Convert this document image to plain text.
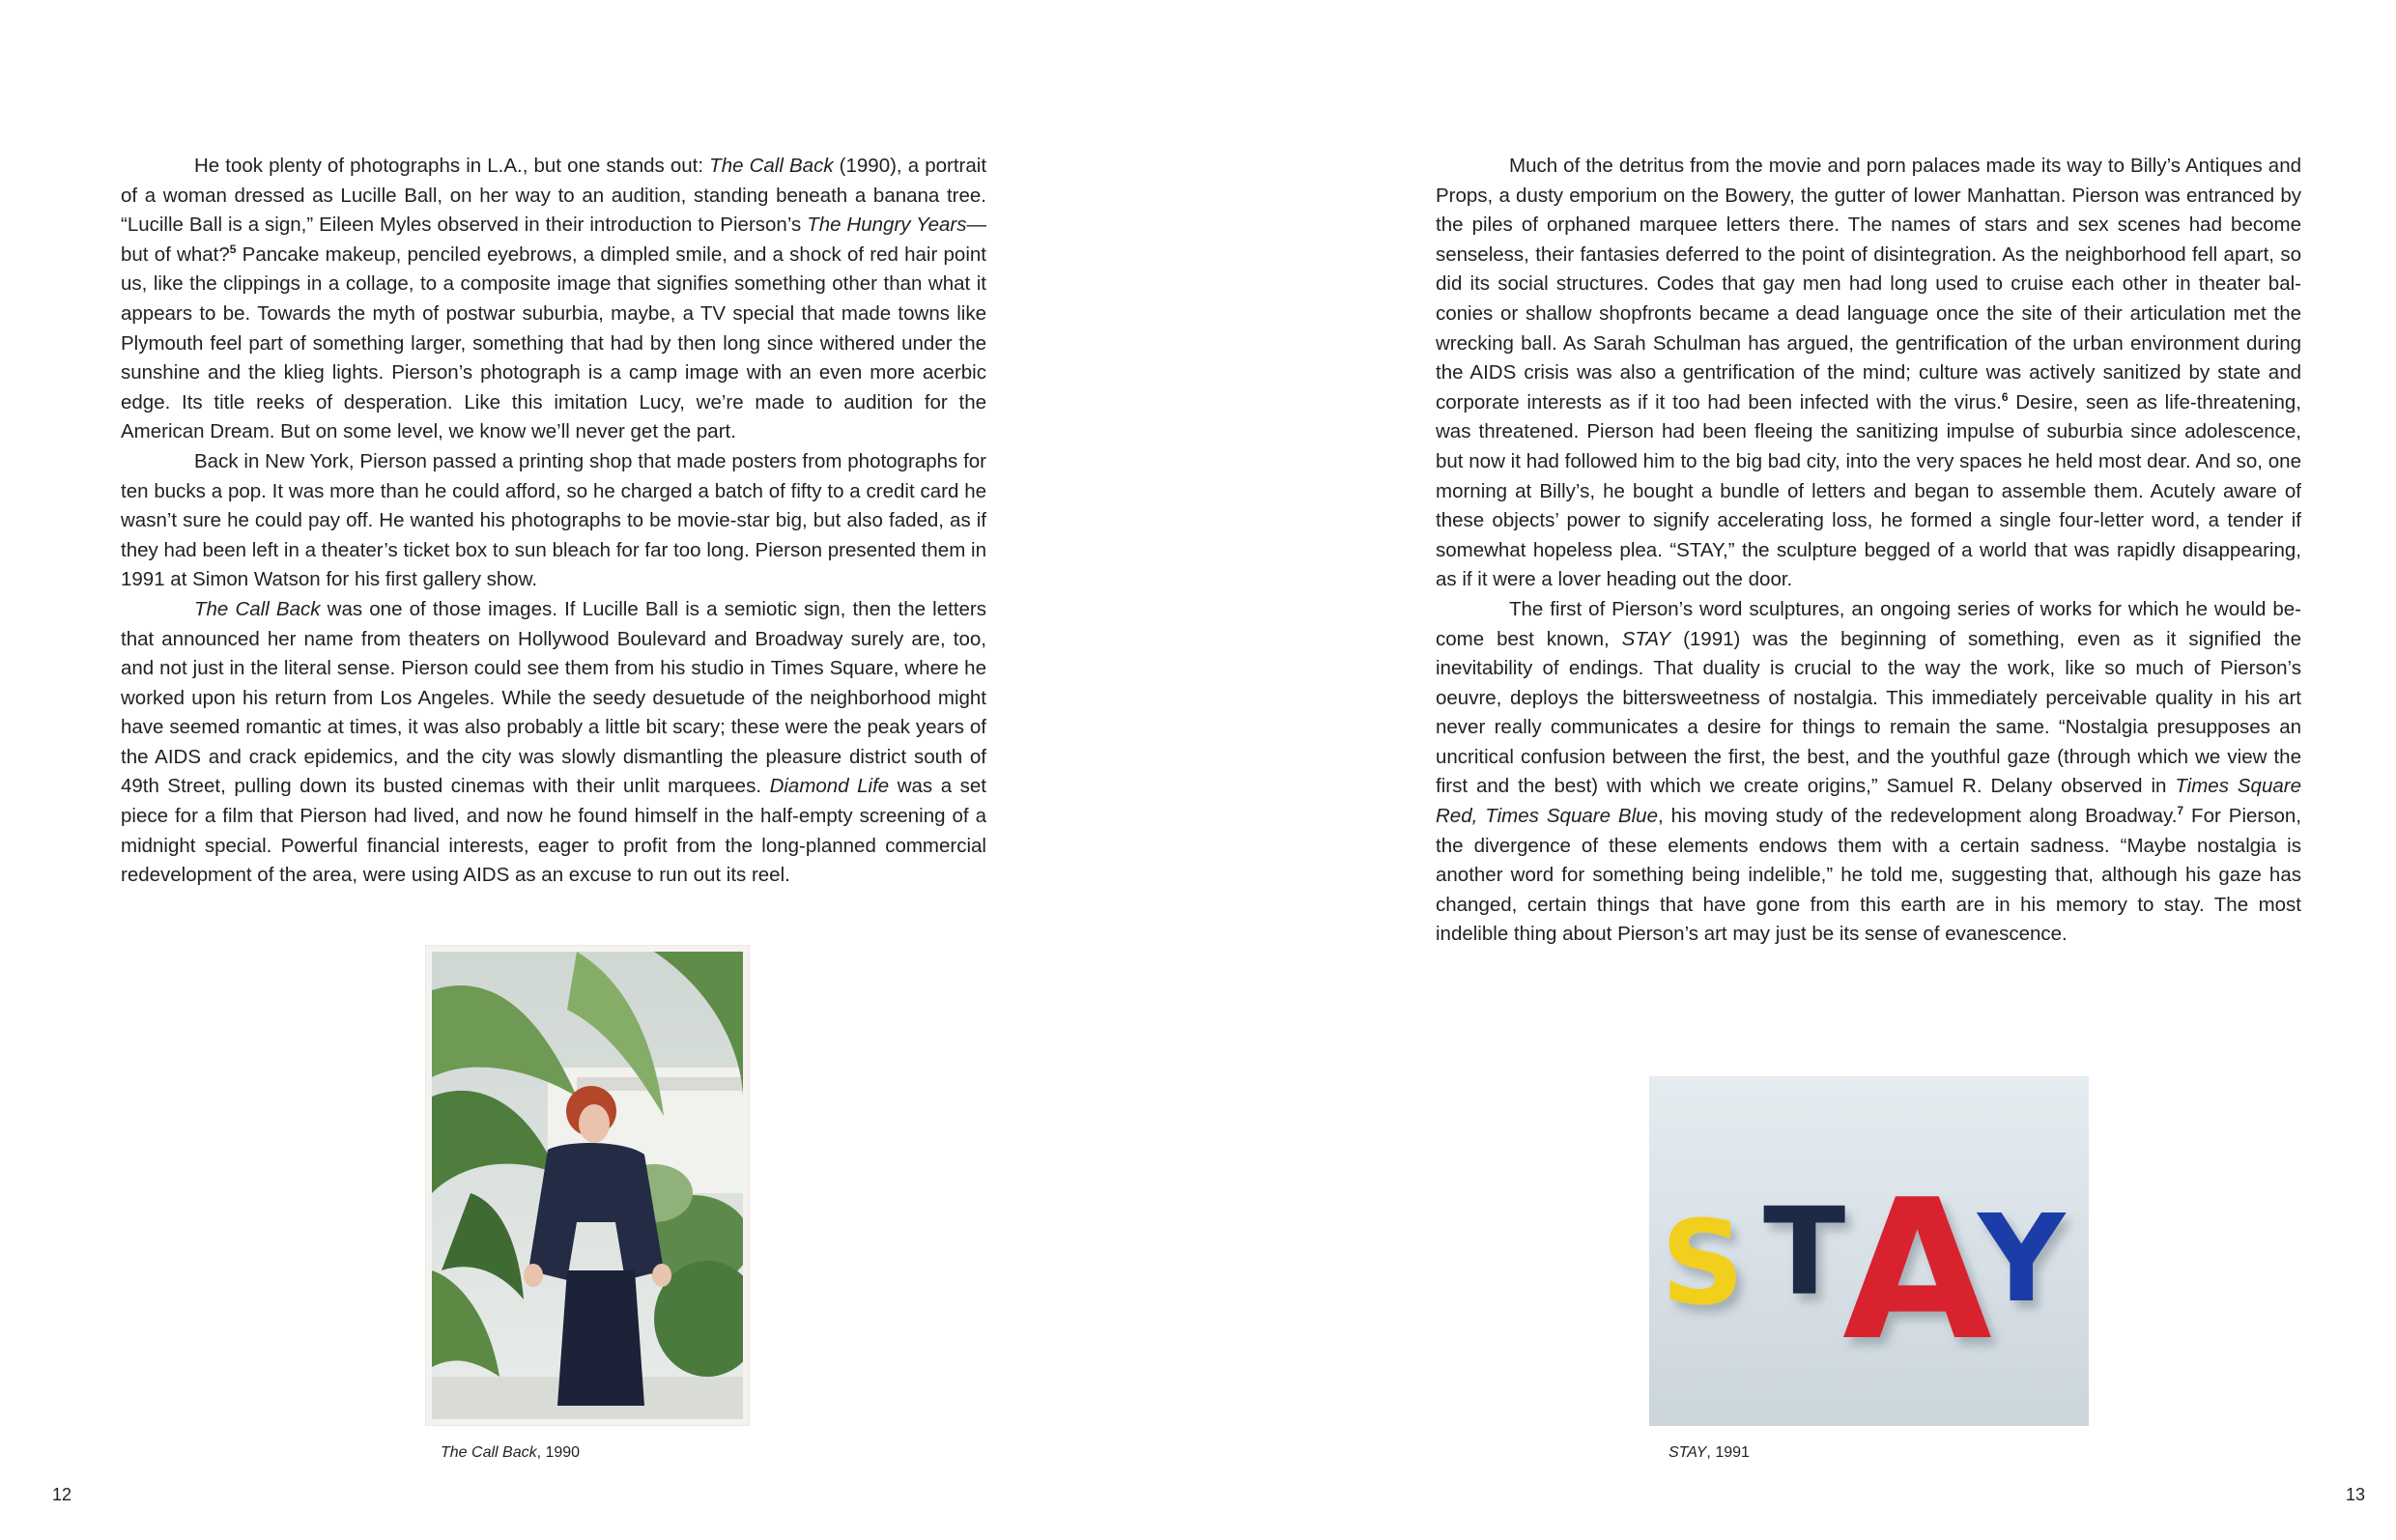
He took plenty of photographs in L.A., but one stands out: The Call Back (1990), a portrait of a woman dressed as Lucille Ball, on her way to an audition, standing beneath a banana tree. “Lucille Ball is a sign,” Eileen Myles observed in their introduction to Pierson’s The Hungry Years—but of what?$^5$ Pancake makeup, penciled eyebrows, a dimpled smile, and a shock of red hair point us, like the clippings in a collage, to a composite image that signifies something other than what it appears to be. Towards the myth of postwar suburbia, maybe, a TV special that made towns like Plymouth feel part of something larger, something that had by then long since withered under the sunshine and the klieg lights. Pierson’s photograph is a camp image with an even more acerbic edge. Its title reeks of desperation. Like this imitation Lucy, we’re made to audition for the American Dream. But on some level, we know we’ll never get the part.

Back in New York, Pierson passed a printing shop that made posters from photographs for ten bucks a pop. It was more than he could afford, so he charged a batch of fifty to a credit card he wasn’t sure he could pay off. He wanted his photographs to be movie-star big, but also faded, as if they had been left in a theater’s ticket box to sun bleach for far too long. Pierson presented them in 1991 at Simon Watson for his first gallery show.

The Call Back was one of those images. If Lucille Ball is a semiotic sign, then the letters that announced her name from theaters on Hollywood Boulevard and Broadway surely are, too, and not just in the literal sense. Pierson could see them from his studio in Times Square, where he worked upon his return from Los Angeles. While the seedy desuetude of the neighborhood might have seemed romantic at times, it was also probably a little bit scary; these were the peak years of the AIDS and crack epidemics, and the city was slowly dismantling the pleasure district south of 49th Street, pulling down its busted cinemas with their unlit marquees. Diamond Life was a set piece for a film that Pierson had lived, and now he found himself in the half-empty screening of a midnight special. Powerful financial interests, eager to profit from the long-planned commercial redevelopment of the area, were using AIDS as an excuse to run out its reel.

The Call Back, 1990
12

Much of the detritus from the movie and porn palaces made its way to Billy’s Antiques and Props, a dusty emporium on the Bowery, the gutter of lower Manhattan. Pierson was entranced by the piles of orphaned marquee letters there. The names of stars and sex scenes had become senseless, their fantasies deferred to the point of disintegration. As the neighborhood fell apart, so did its social structures. Codes that gay men had long used to cruise each other in theater balconies or shallow shopfronts became a dead language once the site of their articulation met the wrecking ball. As Sarah Schulman has argued, the gentrification of the urban environment during the AIDS crisis was also a gentrification of the mind; culture was actively sanitized by state and corporate interests as if it too had been infected with the virus.$^6$ Desire, seen as life-threatening, was threatened. Pierson had been fleeing the sanitizing impulse of suburbia since adolescence, but now it had followed him to the big bad city, into the very spaces he held most dear. And so, one morning at Billy’s, he bought a bundle of letters and began to assemble them. Acutely aware of these objects’ power to signify accelerating loss, he formed a single four-letter word, a tender if somewhat hopeless plea. “STAY,” the sculpture begged of a world that was rapidly disappearing, as if it were a lover heading out the door.

The first of Pierson’s word sculptures, an ongoing series of works for which he would become best known, STAY (1991) was the beginning of something, even as it signified the inevitability of endings. That duality is crucial to the way the work, like so much of Pierson’s oeuvre, deploys the bittersweetness of nostalgia. This immediately perceivable quality in his art never really communicates a desire for things to remain the same. “Nostalgia presupposes an uncritical confusion between the first, the best, and the youthful gaze (through which we view the first and the best) with which we create origins,” Samuel R. Delany observed in Times Square Red, Times Square Blue, his moving study of the redevelopment along Broadway.$^7$ For Pierson, the divergence of these elements endows them with a certain sadness. “Maybe nostalgia is another word for something being indelible,” he told me, suggesting that, although his gaze has changed, certain things that have gone from this earth are in his memory to stay. The most indelible thing about Pierson’s art may just be its sense of evanescence.

S T
A
Y
STAY, 1991
13
